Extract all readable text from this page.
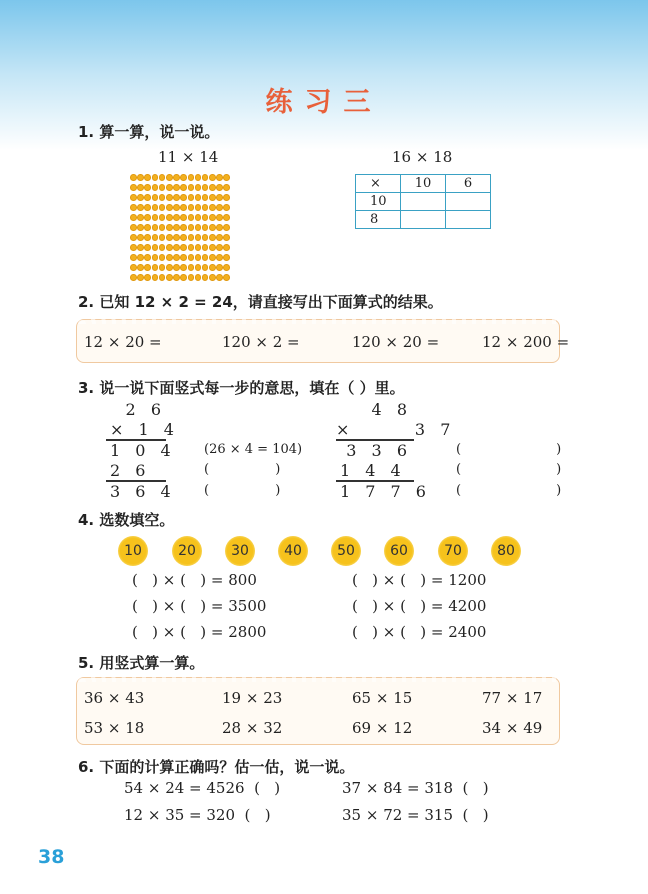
练习三
1. 算一算，说一说。
11 × 14	16 × 18
×	10	6
10		
8		
2. 已知 12 × 2 = 24，请直接写出下面算式的结果。
12 × 20 =	120 × 2 =	120 × 20 =	12 × 200 =
3. 说一说下面竖式每一步的意思，填在（ ）里。
2 6
× 1 4
1 0 4
2 6
3 6 4
(26 × 4 = 104)
(                )
(                )
4 8
×      3 7
3 3 6
1 4 4
1 7 7 6
(                       )
(                       )
(                       )
4. 选数填空。
10	20	30	40	50	60	70	80
(   ) × (   ) = 800
(   ) × (   ) = 3500
(   ) × (   ) = 2800
(   ) × (   ) = 1200
(   ) × (   ) = 4200
(   ) × (   ) = 2400
5. 用竖式算一算。
36 × 43	19 × 23	65 × 15	77 × 17
53 × 18	28 × 32	69 × 12	34 × 49
6. 下面的计算正确吗？估一估，说一说。
54 × 24 = 4526  (   )	37 × 84 = 318  (   )
12 × 35 = 320  (   )	35 × 72 = 315  (   )
38
